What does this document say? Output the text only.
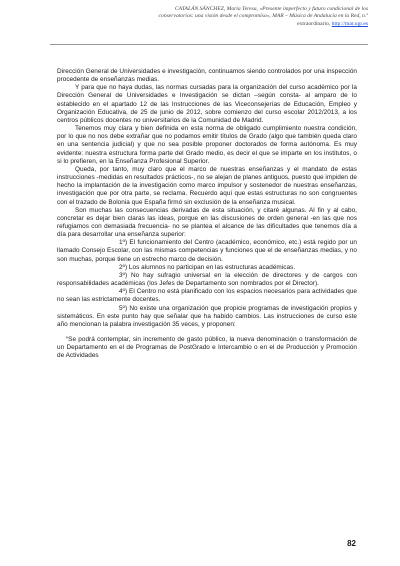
CATALÁN SÁNCHEZ, María Teresa, «Presente imperfecto y futuro condicional de los
conservatorios: una visión desde el compromiso», MAR – Música de Andalucía en la Red, n.º
extraordinario, http://mar.ugr.es

Dirección General de Universidades e investigación, continuamos siendo controlados por una inspección procedente de enseñanzas medias.

Y para que no haya dudas, las normas cursadas para la organización del curso académico por la Dirección General de Universidades e Investigación se dictan –según consta- al amparo de lo establecido en el apartado 12 de las Instrucciones de las Viceconsejerías de Educación, Empleo y Organización Educativa, de 25 de junio de 2012, sobre comienzo del curso escolar 2012/2013, a los centros públicos docentes no universitarios de la Comunidad de Madrid.

Tenemos muy clara y bien definida en esta norma de obligado cumplimiento nuestra condición, por lo que no nos debe extrañar que no podamos emitir títulos de Grado (algo que también queda claro en una sentencia judicial) y que no sea posible proponer doctorados de forma autónoma. Es muy evidente: nuestra estructura forma parte del Grado medio, es decir el que se imparte en los institutos, o si lo prefieren, en la Enseñanza Profesional Superior.

Queda, por tanto, muy claro que el marco de nuestras enseñanzas y el mandato de estas instrucciones -medidas en resultados prácticos-, no se alejan de planes antiguos, puesto que impiden de hecho la implantación de la investigación como marco impulsor y sostenedor de nuestras enseñanzas, investigación que por otra parte, se reclama. Recuerdo aquí que estas estructuras no son congruentes con el trazado de Bolonia que España firmó sin exclusión de la enseñanza musical.

Son muchas las consecuencias derivadas de esta situación, y citaré algunas. Al fin y al cabo, concretar es dejar bien claras las ideas, porque en las discusiones de orden general -en las que nos refugiamos con demasiada frecuencia- no se plantea el alcance de las dificultades que tenemos día a día para desarrollar una enseñanza superior:

1º) El funcionamiento del Centro (académico, económico, etc.) está regido por un llamado Consejo Escolar, con las mismas competencias y funciones que el de enseñanzas medias, y no son muchas, porque tiene un estrecho marco de decisión.

2º) Los alumnos no participan en las estructuras académicas.

3º) No hay sufragio universal en la elección de directores y de cargos con responsabilidades académicas (los Jefes de Departamento son nombrados por el Director).

4º) El Centro no está planificado con los espacios necesarios para actividades que no sean las estrictamente docentes.

5º) No existe una organización que propicie programas de investigación propios y sistemáticos. En este punto hay que señalar que ha habido cambios. Las instrucciones de curso este año mencionan la palabra investigación 35 veces, y proponen:

“Se podrá contemplar, sin incremento de gasto público, la nueva denominación o transformación de un Departamento en el de Programas de PostGrado e Intercambio o en el de Producción y Promoción de Actividades

82
